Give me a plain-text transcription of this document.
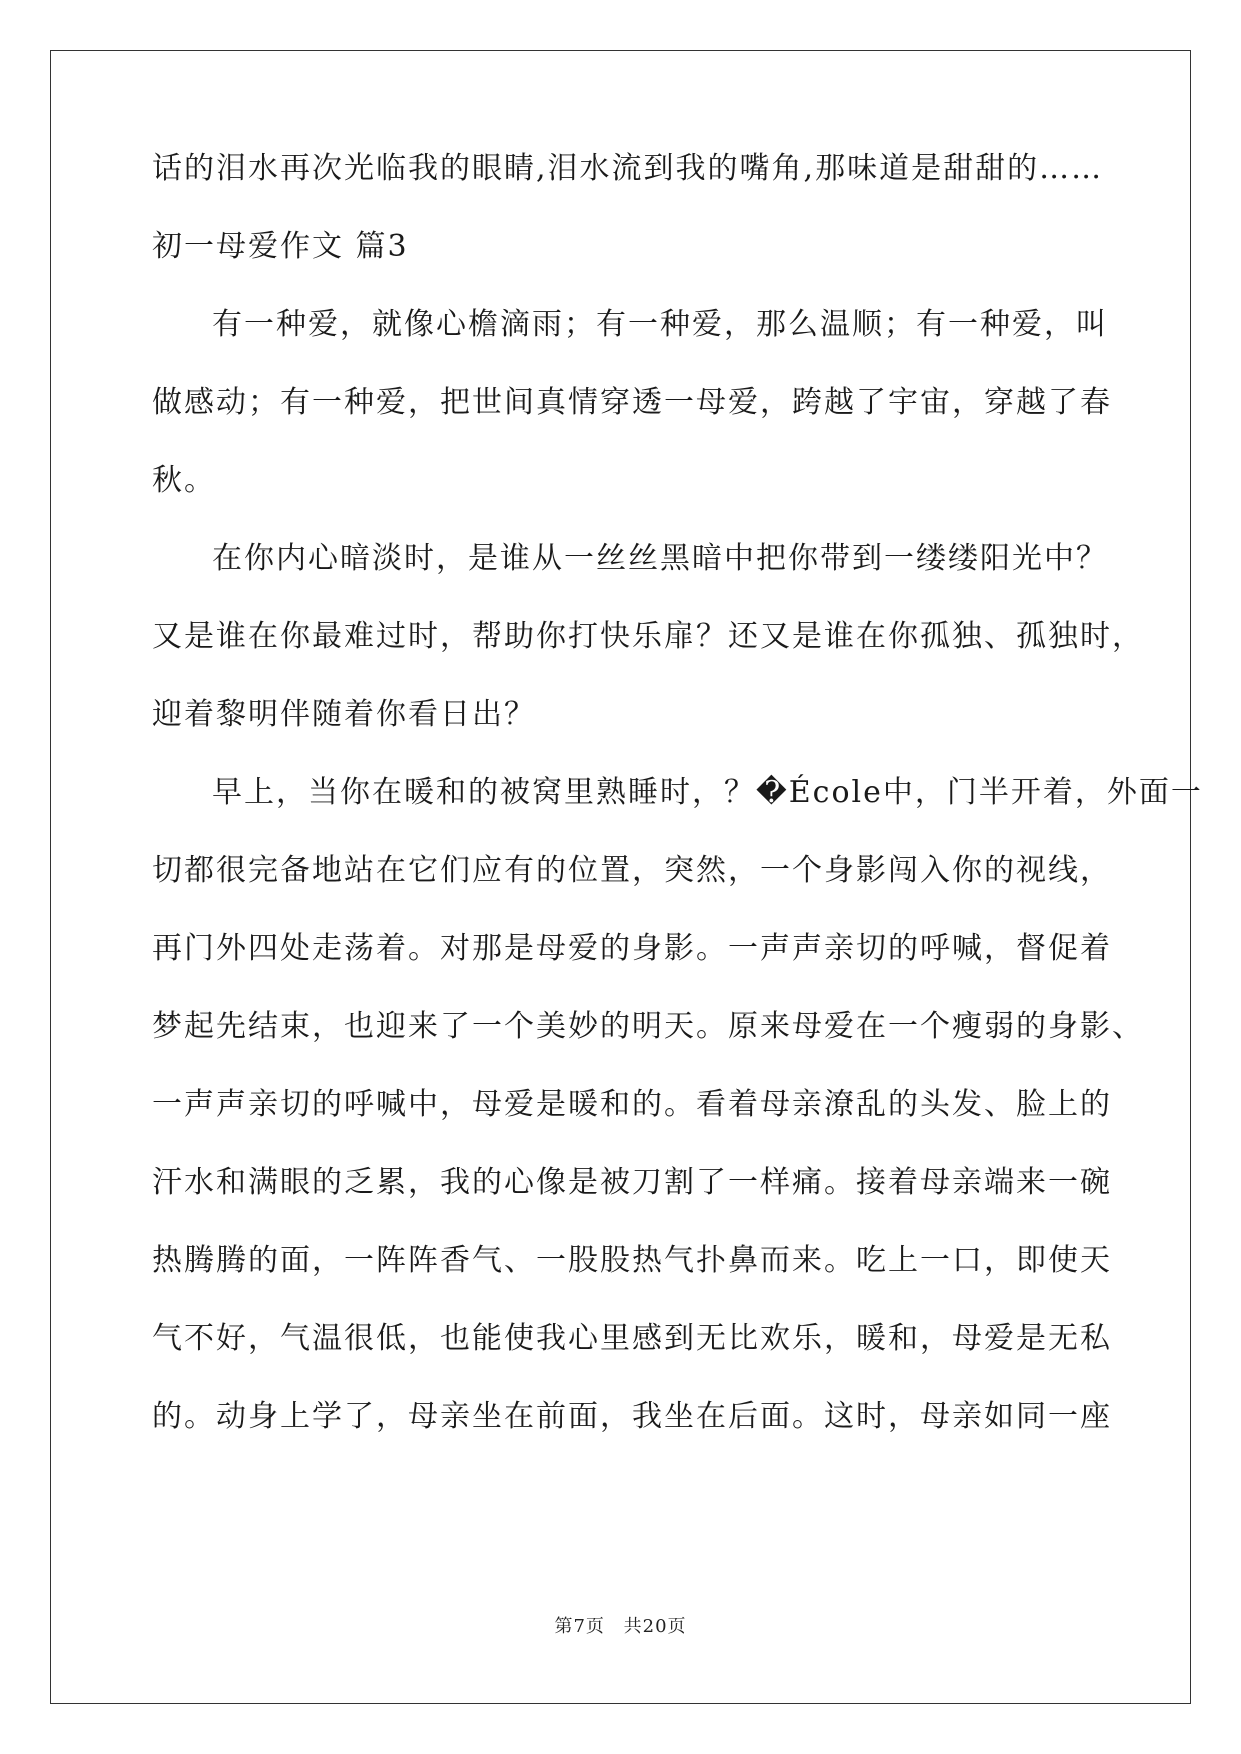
话的泪水再次光临我的眼睛,泪水流到我的嘴角,那味道是甜甜的……

初一母爱作文 篇3

有一种爱，就像心檐滴雨；有一种爱，那么温顺；有一种爱，叫

做感动；有一种爱，把世间真情穿透一母爱，跨越了宇宙，穿越了春

秋。

在你内心暗淡时，是谁从一丝丝黑暗中把你带到一缕缕阳光中？

又是谁在你最难过时，帮助你打快乐扉？还又是谁在你孤独、孤独时，

迎着黎明伴随着你看日出？

早上，当你在暖和的被窝里熟睡时，？�École中，门半开着，外面一

切都很完备地站在它们应有的位置，突然，一个身影闯入你的视线，

再门外四处走荡着。对那是母爱的身影。一声声亲切的呼喊，督促着

梦起先结束，也迎来了一个美妙的明天。原来母爱在一个瘦弱的身影、

一声声亲切的呼喊中，母爱是暖和的。看着母亲潦乱的头发、脸上的

汗水和满眼的乏累，我的心像是被刀割了一样痛。接着母亲端来一碗

热腾腾的面，一阵阵香气、一股股热气扑鼻而来。吃上一口，即使天

气不好，气温很低，也能使我心里感到无比欢乐，暖和，母爱是无私

的。动身上学了，母亲坐在前面，我坐在后面。这时，母亲如同一座

第7页 共20页
